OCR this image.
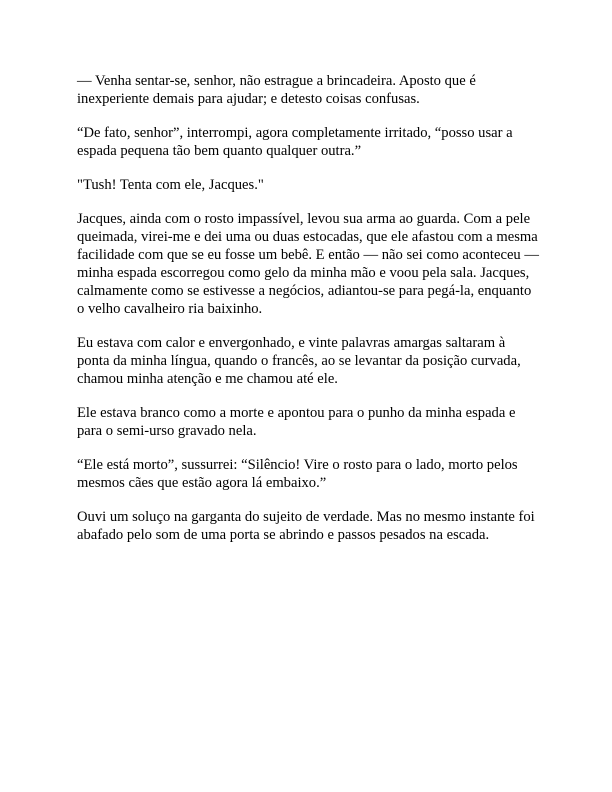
— Venha sentar-se, senhor, não estrague a brincadeira. Aposto que é inexperiente demais para ajudar; e detesto coisas confusas.

“De fato, senhor”, interrompi, agora completamente irritado, “posso usar a espada pequena tão bem quanto qualquer outra.”

"Tush! Tenta com ele, Jacques."

Jacques, ainda com o rosto impassível, levou sua arma ao guarda. Com a pele queimada, virei-me e dei uma ou duas estocadas, que ele afastou com a mesma facilidade com que se eu fosse um bebê. E então — não sei como aconteceu — minha espada escorregou como gelo da minha mão e voou pela sala. Jacques, calmamente como se estivesse a negócios, adiantou-se para pegá-la, enquanto o velho cavalheiro ria baixinho.

Eu estava com calor e envergonhado, e vinte palavras amargas saltaram à ponta da minha língua, quando o francês, ao se levantar da posição curvada, chamou minha atenção e me chamou até ele.

Ele estava branco como a morte e apontou para o punho da minha espada e para o semi-urso gravado nela.

“Ele está morto”, sussurrei: “Silêncio! Vire o rosto para o lado, morto pelos mesmos cães que estão agora lá embaixo.”

Ouvi um soluço na garganta do sujeito de verdade. Mas no mesmo instante foi abafado pelo som de uma porta se abrindo e passos pesados na escada.
